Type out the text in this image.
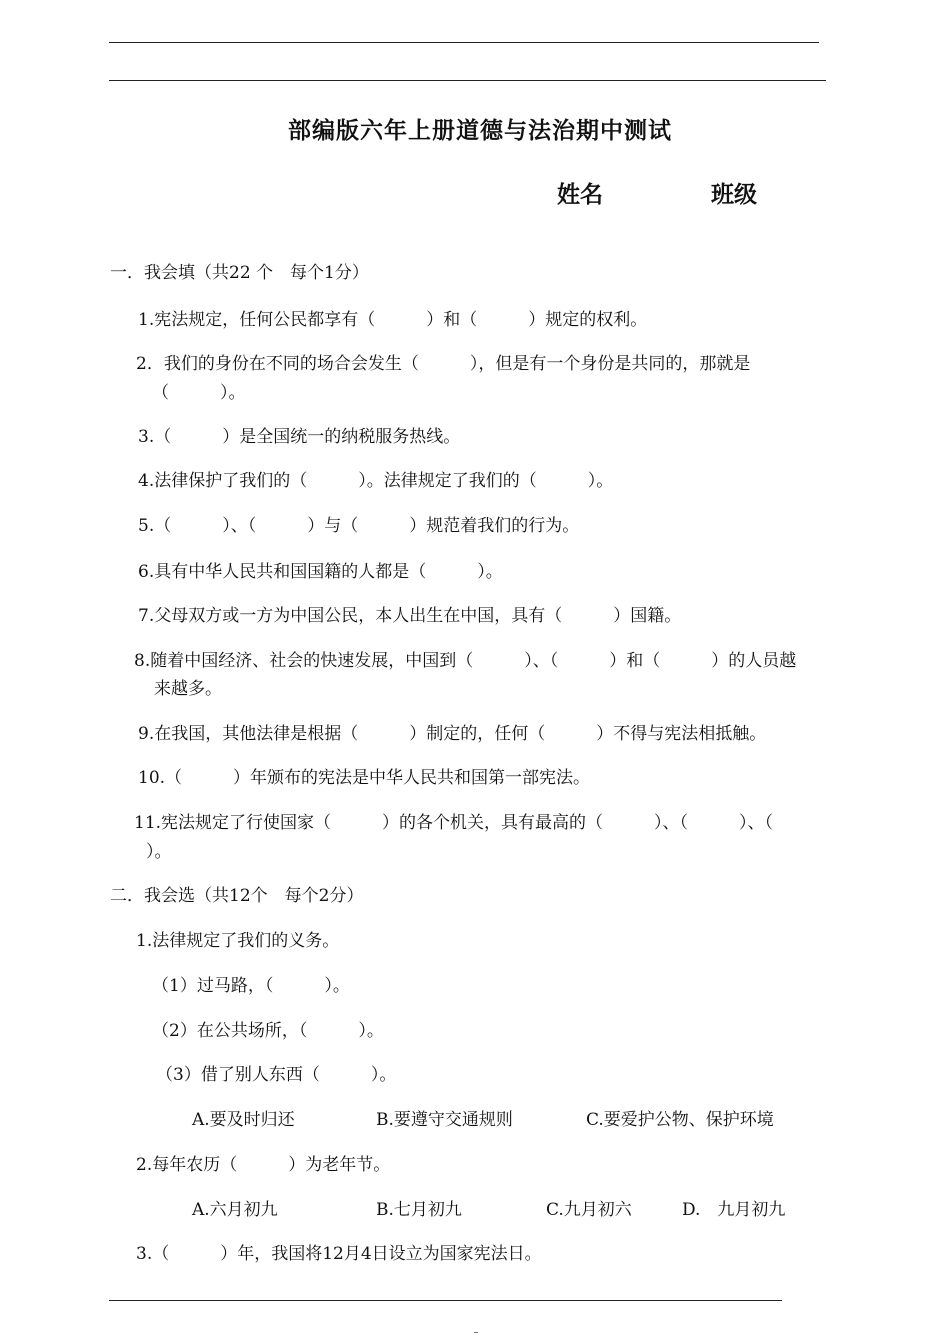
部编版六年上册道德与法治期中测试
姓名	班级
一．我会填（共22 个　每个1分）
1.宪法规定，任何公民都享有（　　　）和（　　　）规定的权利。
2．我们的身份在不同的场合会发生（　　　），但是有一个身份是共同的，那就是
（　　　）。
3.（　　　）是全国统一的纳税服务热线。
4.法律保护了我们的（　　　）。法律规定了我们的（　　　）。
5.（　　　）、（　　　）与（　　　）规范着我们的行为。
6.具有中华人民共和国国籍的人都是（　　　）。
7.父母双方或一方为中国公民，本人出生在中国，具有（　　　）国籍。
8.随着中国经济、社会的快速发展，中国到（　　　）、（　　　）和（　　　）的人员越
来越多。
9.在我国，其他法律是根据（　　　）制定的，任何（　　　）不得与宪法相抵触。
10.（　　　）年颁布的宪法是中华人民共和国第一部宪法。
11.宪法规定了行使国家（　　　）的各个机关，具有最高的（　　　）、（　　　）、（
）。
二．我会选（共12个　每个2分）
1.法律规定了我们的义务。
（1）过马路，（　　　）。
（2）在公共场所，（　　　）。
（3）借了别人东西（　　　）。
A.要及时归还	B.要遵守交通规则	C.要爱护公物、保护环境
2.每年农历（　　　）为老年节。
A.六月初九	B.七月初九	C.九月初六	D.　九月初九
3.（　　　）年，我国将12月4日设立为国家宪法日。
